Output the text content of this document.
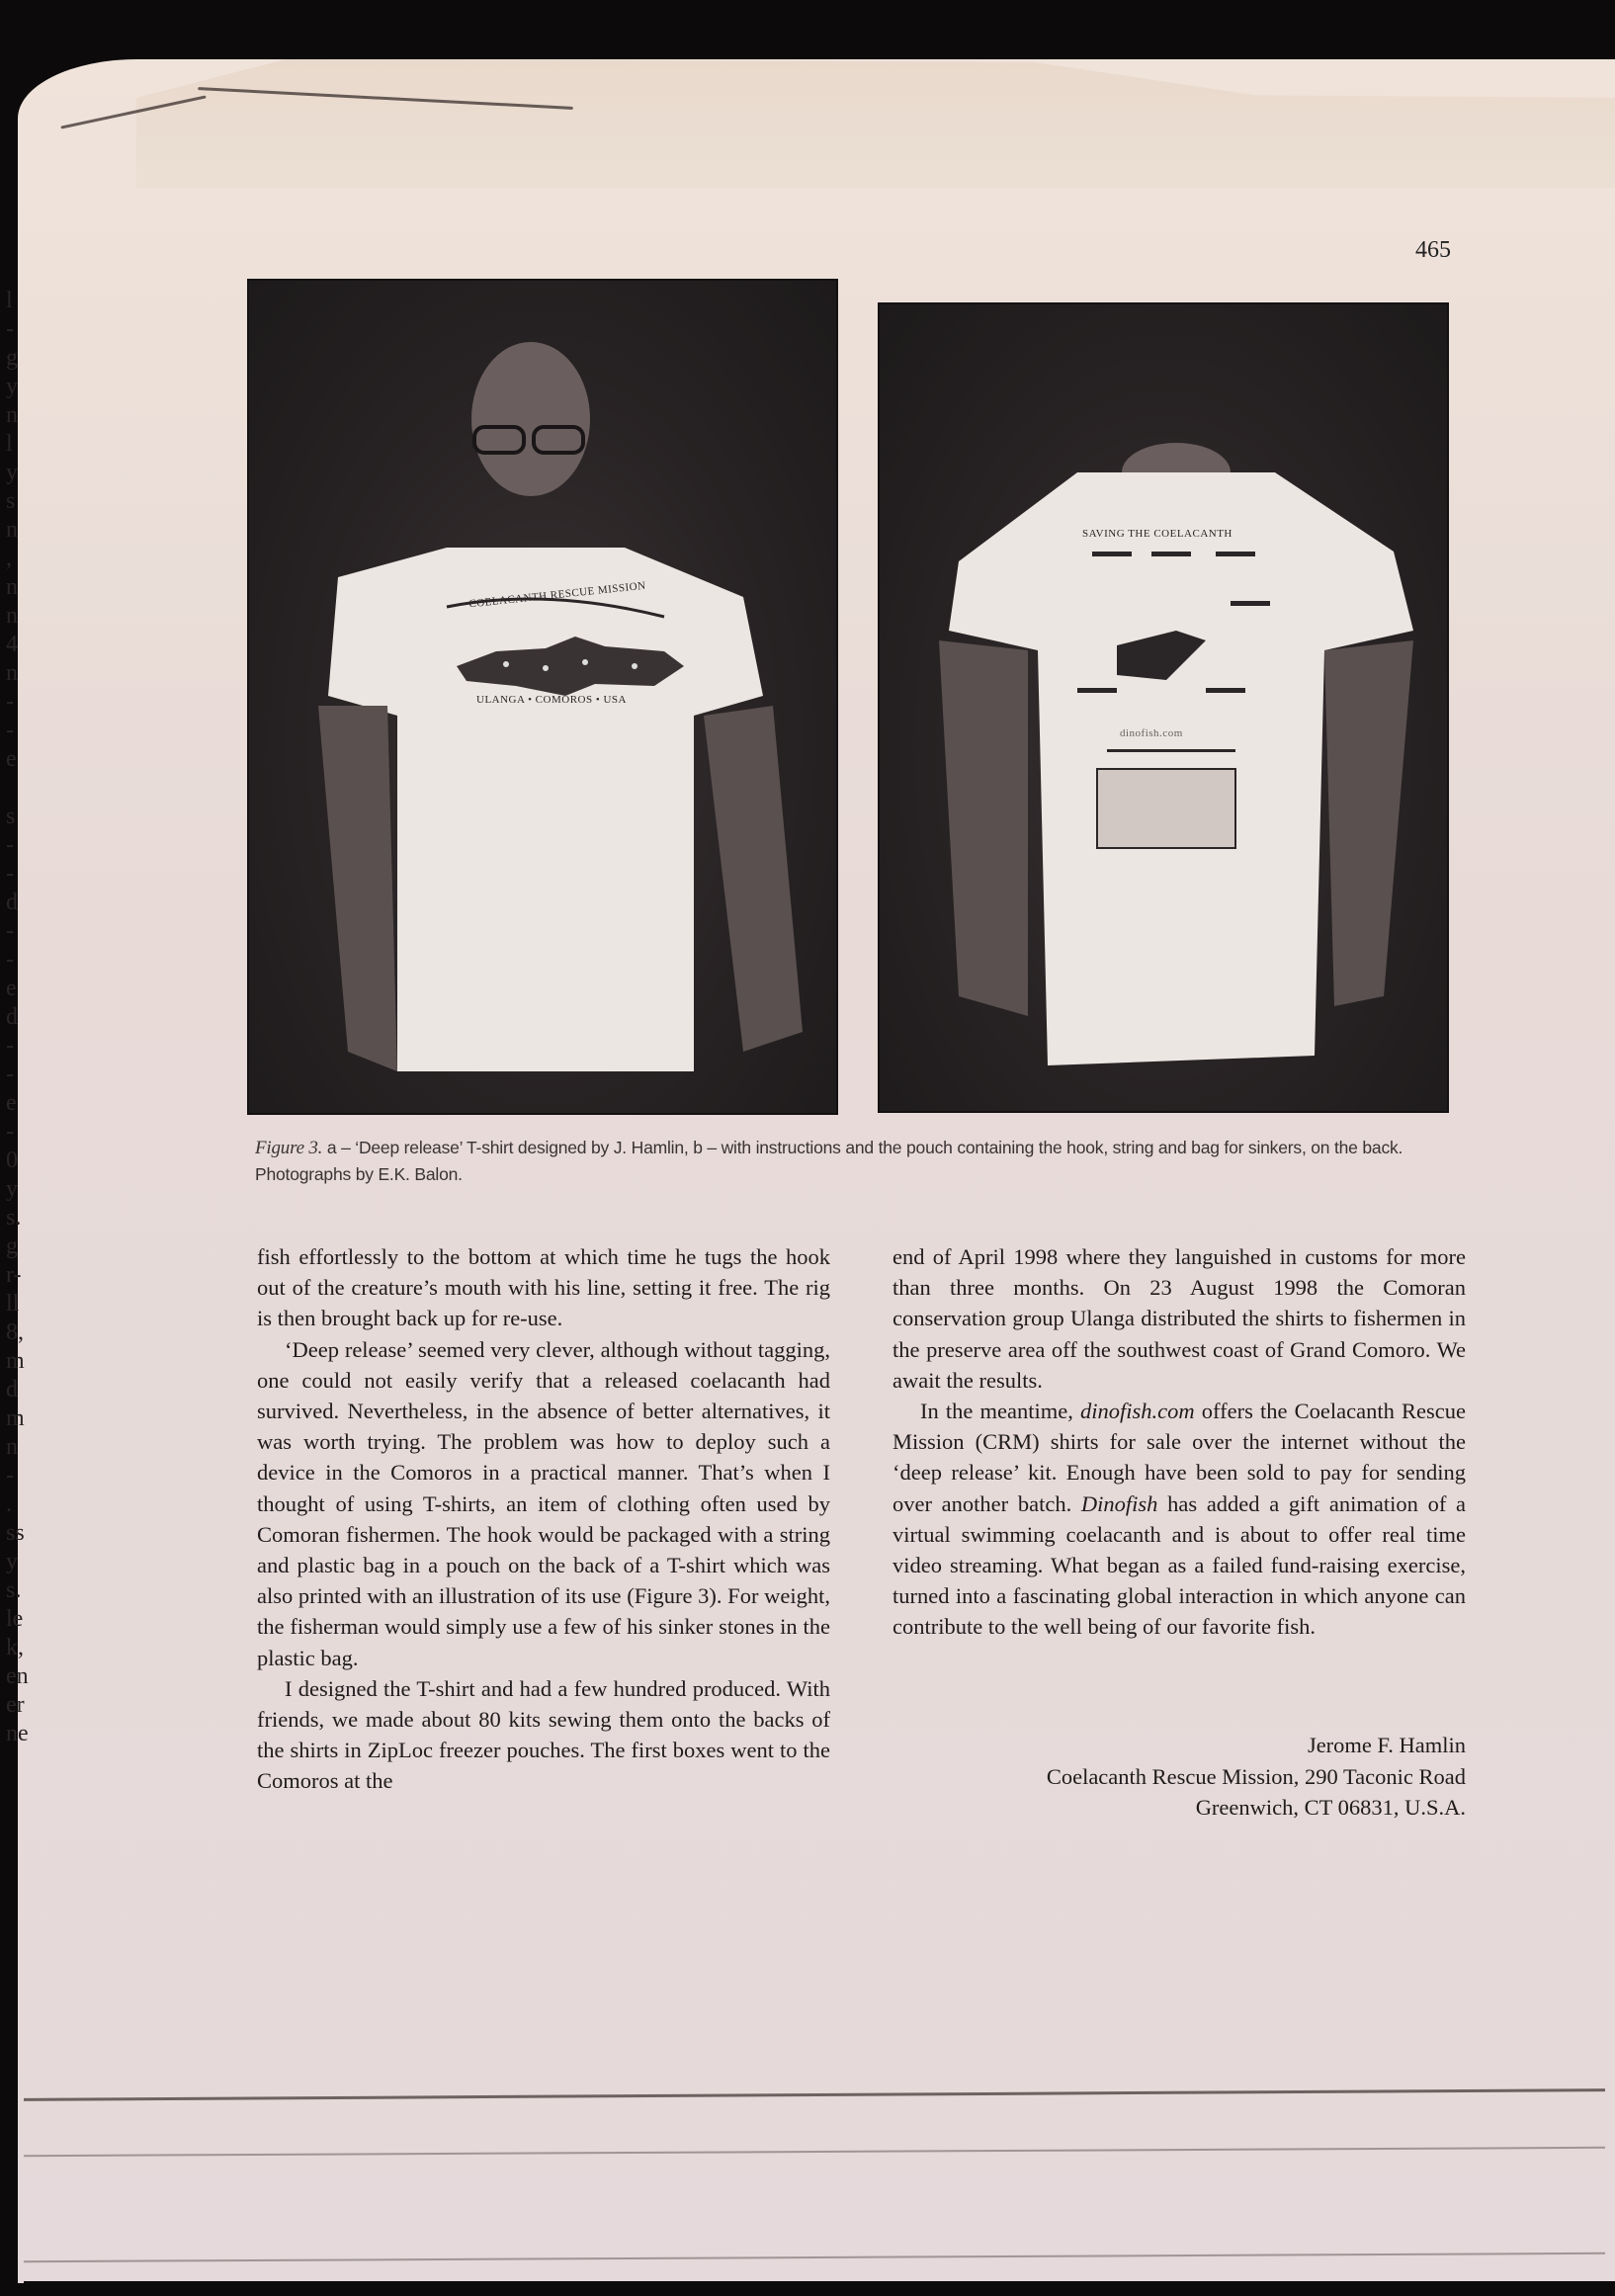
l
-
g
y
n
l
y
s
n
,
n
n
4
n
-
-
e

s
-
-
d
-
-
e
d
-
-
e
-
0
y
s.
g
r-
ll
8,
m
d
m
n
-
.
ss
y
s.
le
k,
en
er
ne
465
COELACANTH RESCUE MISSION
ULANGA • COMOROS • USA
SAVING THE COELACANTH
dinofish.com
Figure 3. a – ‘Deep release’ T-shirt designed by J. Hamlin, b – with instructions and the pouch containing the hook, string and bag for sinkers, on the back. Photographs by E.K. Balon.

fish effortlessly to the bottom at which time he tugs the hook out of the creature’s mouth with his line, setting it free. The rig is then brought back up for re-use.

‘Deep release’ seemed very clever, although without tagging, one could not easily verify that a released coelacanth had survived. Nevertheless, in the absence of better alternatives, it was worth trying. The problem was how to deploy such a device in the Comoros in a practical manner. That’s when I thought of using T-shirts, an item of clothing often used by Comoran fishermen. The hook would be packaged with a string and plastic bag in a pouch on the back of a T-shirt which was also printed with an illustration of its use (Figure 3). For weight, the fisherman would simply use a few of his sinker stones in the plastic bag.

I designed the T-shirt and had a few hundred produced. With friends, we made about 80 kits sewing them onto the backs of the shirts in ZipLoc freezer pouches. The first boxes went to the Comoros at the

end of April 1998 where they languished in customs for more than three months. On 23 August 1998 the Comoran conservation group Ulanga distributed the shirts to fishermen in the preserve area off the southwest coast of Grand Comoro. We await the results.

In the meantime, dinofish.com offers the Coelacanth Rescue Mission (CRM) shirts for sale over the internet without the ‘deep release’ kit. Enough have been sold to pay for sending over another batch. Dinofish has added a gift animation of a virtual swimming coelacanth and is about to offer real time video streaming. What began as a failed fund-raising exercise, turned into a fascinating global interaction in which anyone can contribute to the well being of our favorite fish.

Jerome F. Hamlin
Coelacanth Rescue Mission, 290 Taconic Road
Greenwich, CT 06831, U.S.A.
